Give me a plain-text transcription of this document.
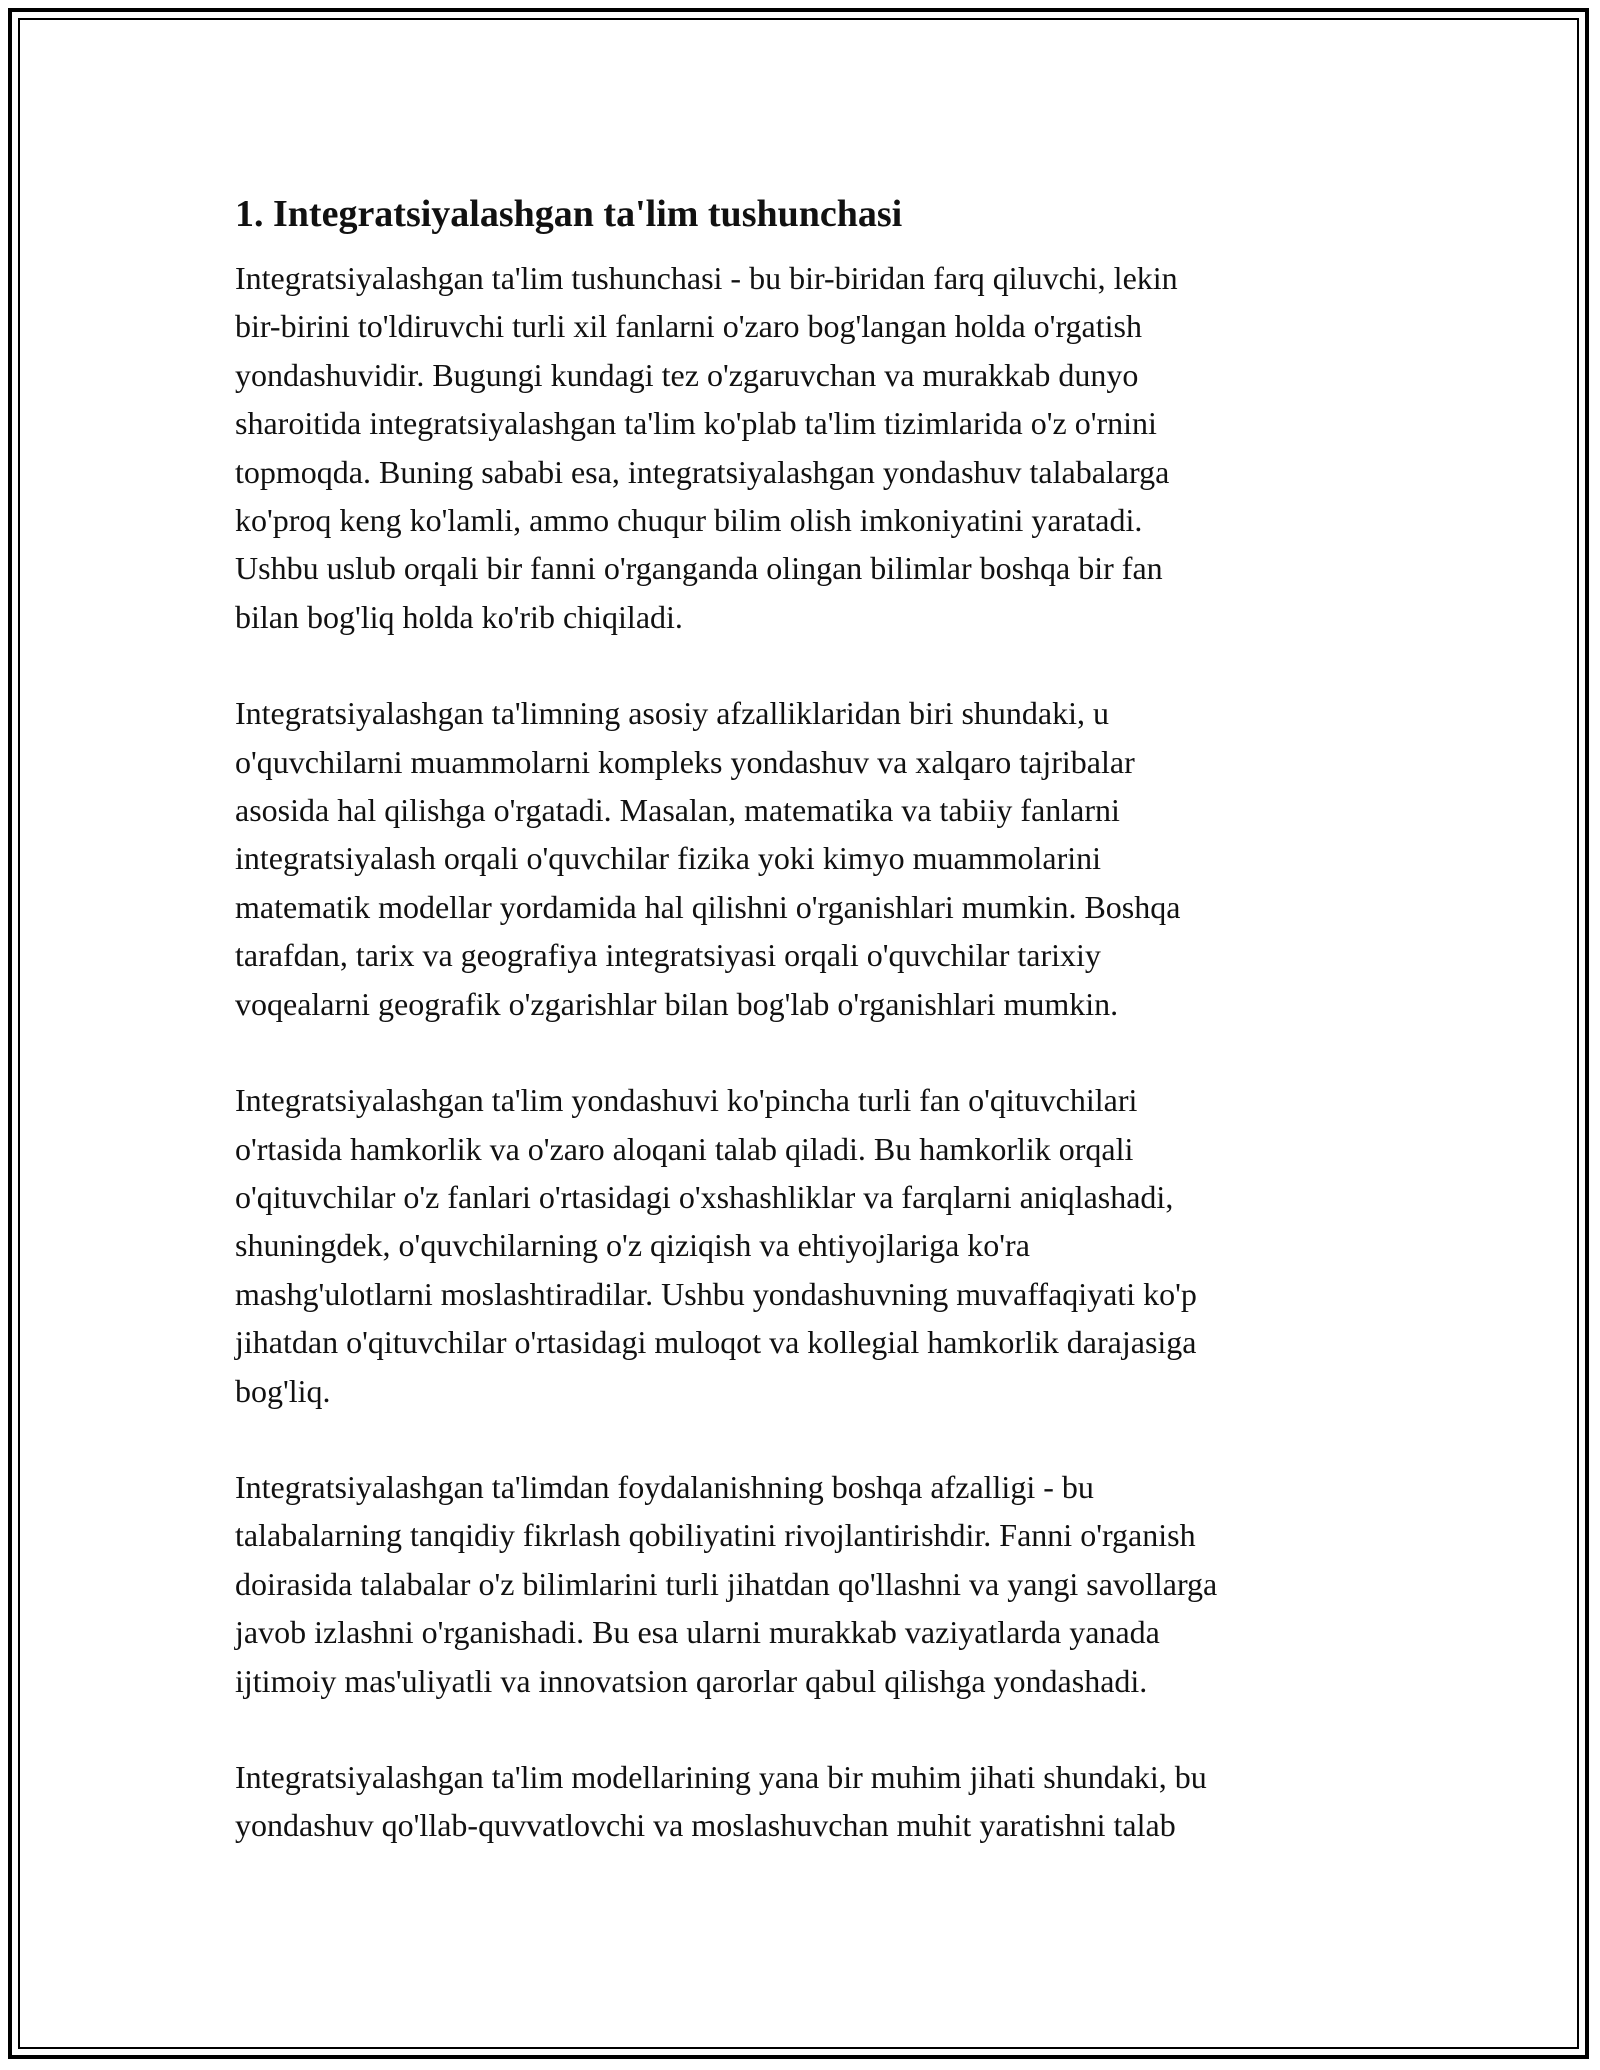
1. Integratsiyalashgan ta'lim tushunchasi

Integratsiyalashgan ta'lim tushunchasi - bu bir-biridan farq qiluvchi, lekin
bir-birini to'ldiruvchi turli xil fanlarni o'zaro bog'langan holda o'rgatish
yondashuvidir. Bugungi kundagi tez o'zgaruvchan va murakkab dunyo
sharoitida integratsiyalashgan ta'lim ko'plab ta'lim tizimlarida o'z o'rnini
topmoqda. Buning sababi esa, integratsiyalashgan yondashuv talabalarga
ko'proq keng ko'lamli, ammo chuqur bilim olish imkoniyatini yaratadi.
Ushbu uslub orqali bir fanni o'rganganda olingan bilimlar boshqa bir fan
bilan bog'liq holda ko'rib chiqiladi.

Integratsiyalashgan ta'limning asosiy afzalliklaridan biri shundaki, u
o'quvchilarni muammolarni kompleks yondashuv va xalqaro tajribalar
asosida hal qilishga o'rgatadi. Masalan, matematika va tabiiy fanlarni
integratsiyalash orqali o'quvchilar fizika yoki kimyo muammolarini
matematik modellar yordamida hal qilishni o'rganishlari mumkin. Boshqa
tarafdan, tarix va geografiya integratsiyasi orqali o'quvchilar tarixiy
voqealarni geografik o'zgarishlar bilan bog'lab o'rganishlari mumkin.

Integratsiyalashgan ta'lim yondashuvi ko'pincha turli fan o'qituvchilari
o'rtasida hamkorlik va o'zaro aloqani talab qiladi. Bu hamkorlik orqali
o'qituvchilar o'z fanlari o'rtasidagi o'xshashliklar va farqlarni aniqlashadi,
shuningdek, o'quvchilarning o'z qiziqish va ehtiyojlariga ko'ra
mashg'ulotlarni moslashtiradilar. Ushbu yondashuvning muvaffaqiyati ko'p
jihatdan o'qituvchilar o'rtasidagi muloqot va kollegial hamkorlik darajasiga
bog'liq.

Integratsiyalashgan ta'limdan foydalanishning boshqa afzalligi - bu
talabalarning tanqidiy fikrlash qobiliyatini rivojlantirishdir. Fanni o'rganish
doirasida talabalar o'z bilimlarini turli jihatdan qo'llashni va yangi savollarga
javob izlashni o'rganishadi. Bu esa ularni murakkab vaziyatlarda yanada
ijtimoiy mas'uliyatli va innovatsion qarorlar qabul qilishga yondashadi.

Integratsiyalashgan ta'lim modellarining yana bir muhim jihati shundaki, bu
yondashuv qo'llab-quvvatlovchi va moslashuvchan muhit yaratishni talab
